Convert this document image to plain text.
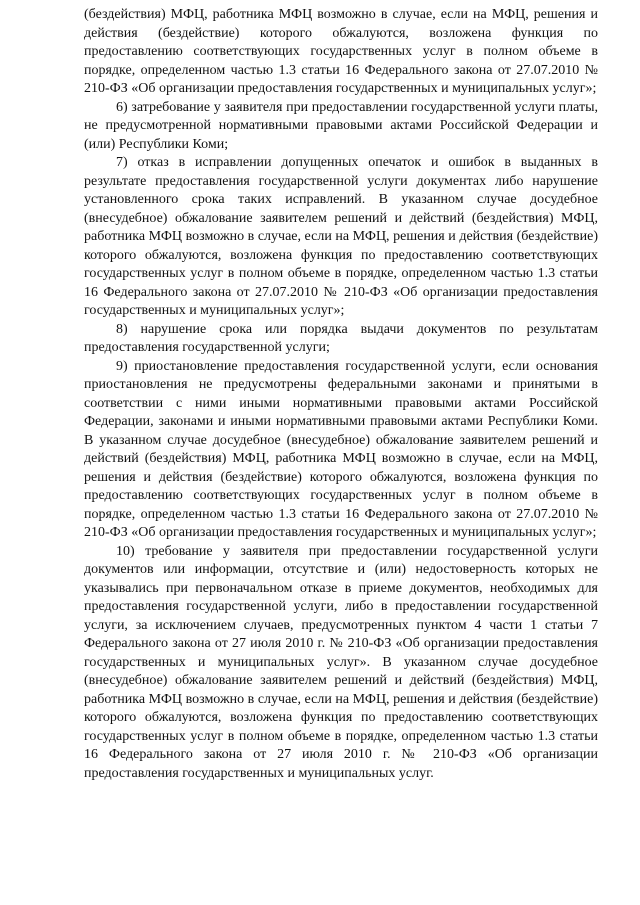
(бездействия) МФЦ, работника МФЦ возможно в случае, если на МФЦ, решения и действия (бездействие) которого обжалуются, возложена функция по предоставлению соответствующих государственных услуг в полном объеме в порядке, определенном частью 1.3 статьи 16 Федерального закона от 27.07.2010 № 210-ФЗ «Об организации предоставления государственных и муниципальных услуг»;

6) затребование у заявителя при предоставлении государственной услуги платы, не предусмотренной нормативными правовыми актами Российской Федерации и (или) Республики Коми;

7) отказ в исправлении допущенных опечаток и ошибок в выданных в результате предоставления государственной услуги документах либо нарушение установленного срока таких исправлений. В указанном случае досудебное (внесудебное) обжалование заявителем решений и действий (бездействия) МФЦ, работника МФЦ возможно в случае, если на МФЦ, решения и действия (бездействие) которого обжалуются, возложена функция по предоставлению соответствующих государственных услуг в полном объеме в порядке, определенном частью 1.3 статьи 16 Федерального закона от 27.07.2010 № 210-ФЗ «Об организации предоставления государственных и муниципальных услуг»;

8) нарушение срока или порядка выдачи документов по результатам предоставления государственной услуги;

9) приостановление предоставления государственной услуги, если основания приостановления не предусмотрены федеральными законами и принятыми в соответствии с ними иными нормативными правовыми актами Российской Федерации, законами и иными нормативными правовыми актами Республики Коми. В указанном случае досудебное (внесудебное) обжалование заявителем решений и действий (бездействия) МФЦ, работника МФЦ возможно в случае, если на МФЦ, решения и действия (бездействие) которого обжалуются, возложена функция по предоставлению соответствующих государственных услуг в полном объеме в порядке, определенном частью 1.3 статьи 16 Федерального закона от 27.07.2010 № 210-ФЗ «Об организации предоставления государственных и муниципальных услуг»;

10) требование у заявителя при предоставлении государственной услуги документов или информации, отсутствие и (или) недостоверность которых не указывались при первоначальном отказе в приеме документов, необходимых для предоставления государственной услуги, либо в предоставлении государственной услуги, за исключением случаев, предусмотренных пунктом 4 части 1 статьи 7 Федерального закона от 27 июля 2010 г. № 210-ФЗ «Об организации предоставления государственных и муниципальных услуг». В указанном случае досудебное (внесудебное) обжалование заявителем решений и действий (бездействия) МФЦ, работника МФЦ возможно в случае, если на МФЦ, решения и действия (бездействие) которого обжалуются, возложена функция по предоставлению соответствующих государственных услуг в полном объеме в порядке, определенном частью 1.3 статьи 16 Федерального закона от 27 июля 2010 г. № 210-ФЗ «Об организации предоставления государственных и муниципальных услуг.
